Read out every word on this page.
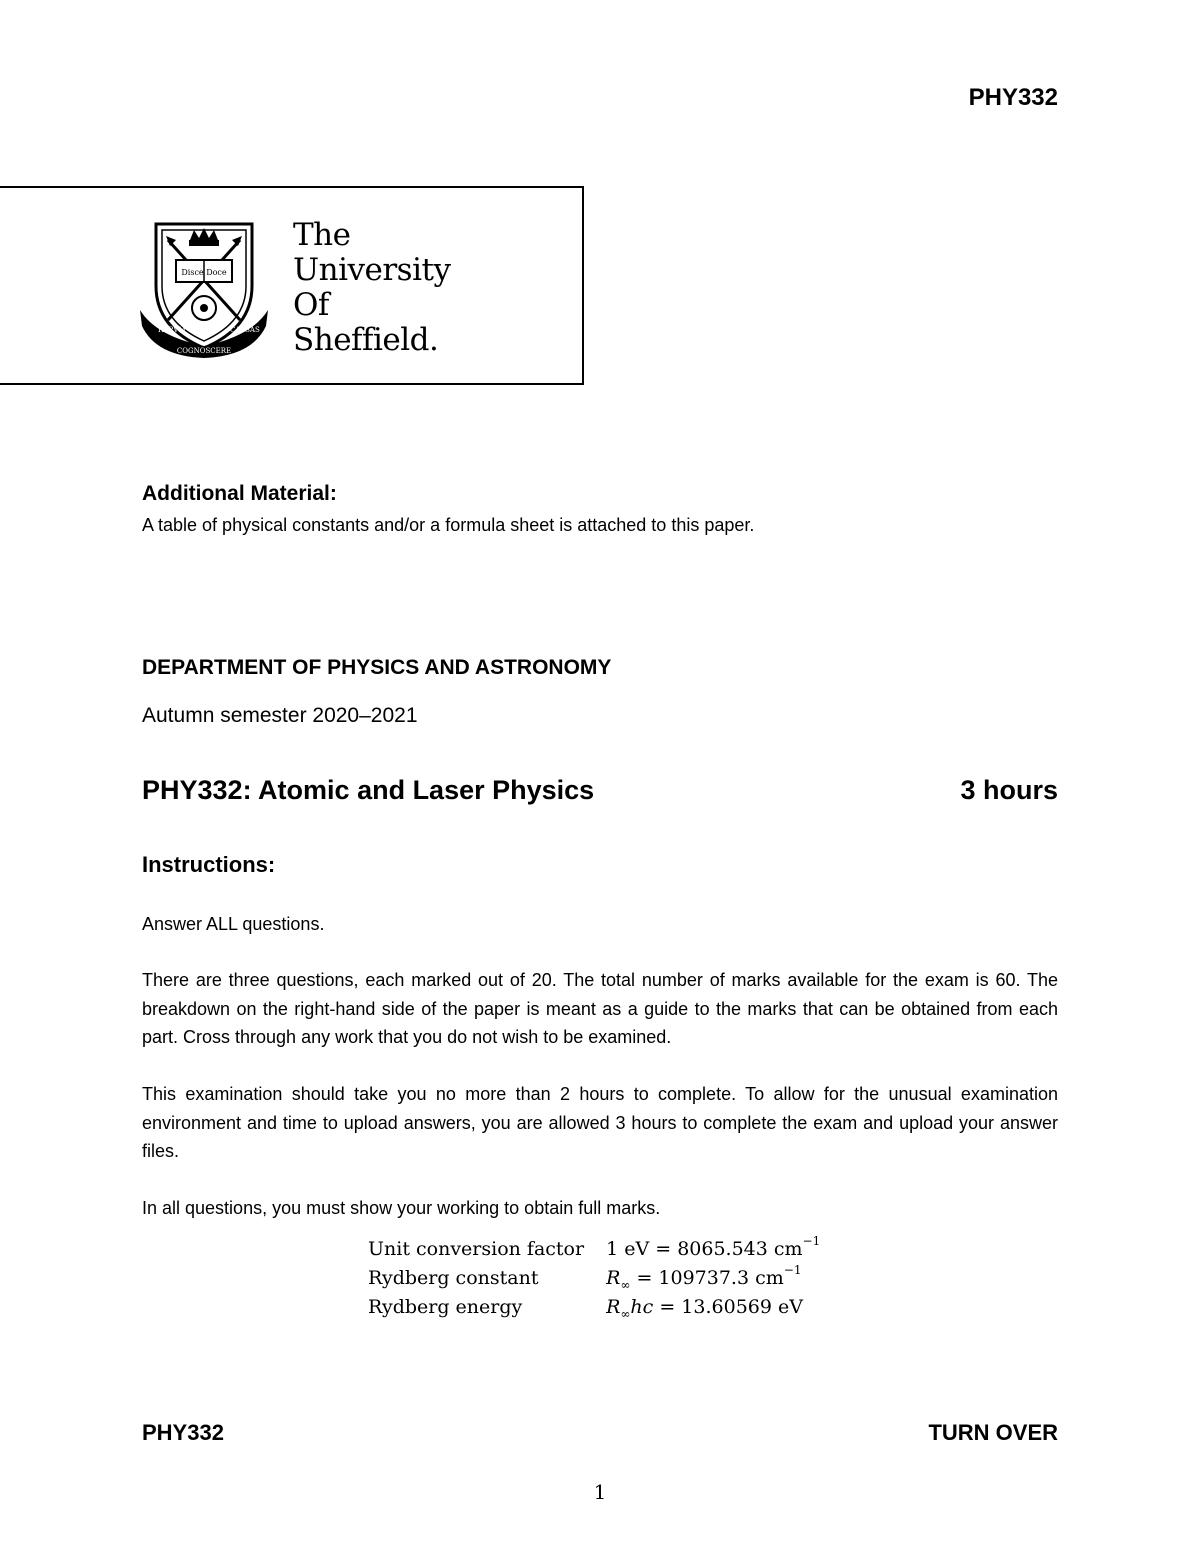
PHY332
Disce Doce
RERVM
COGNOSCERE
CAVSAS
The
University
Of
Sheffield.
Additional Material:
A table of physical constants and/or a formula sheet is attached to this paper.
DEPARTMENT OF PHYSICS AND ASTRONOMY
Autumn semester 2020–2021
PHY332: Atomic and Laser Physics	3 hours
Instructions:
Answer ALL questions.
There are three questions, each marked out of 20. The total number of marks available for the exam is 60. The breakdown on the right-hand side of the paper is meant as a guide to the marks that can be obtained from each part. Cross through any work that you do not wish to be examined.
This examination should take you no more than 2 hours to complete. To allow for the unusual examination environment and time to upload answers, you are allowed 3 hours to complete the exam and upload your answer files.
In all questions, you must show your working to obtain full marks.
Unit conversion factor	1 eV = 8065.543 $cm^{-1}$
Rydberg constant	$R_\infty = 109737.3$ $cm^{-1}$
Rydberg energy	$R_\infty hc = 13.60569$ eV
PHY332	TURN OVER
1
